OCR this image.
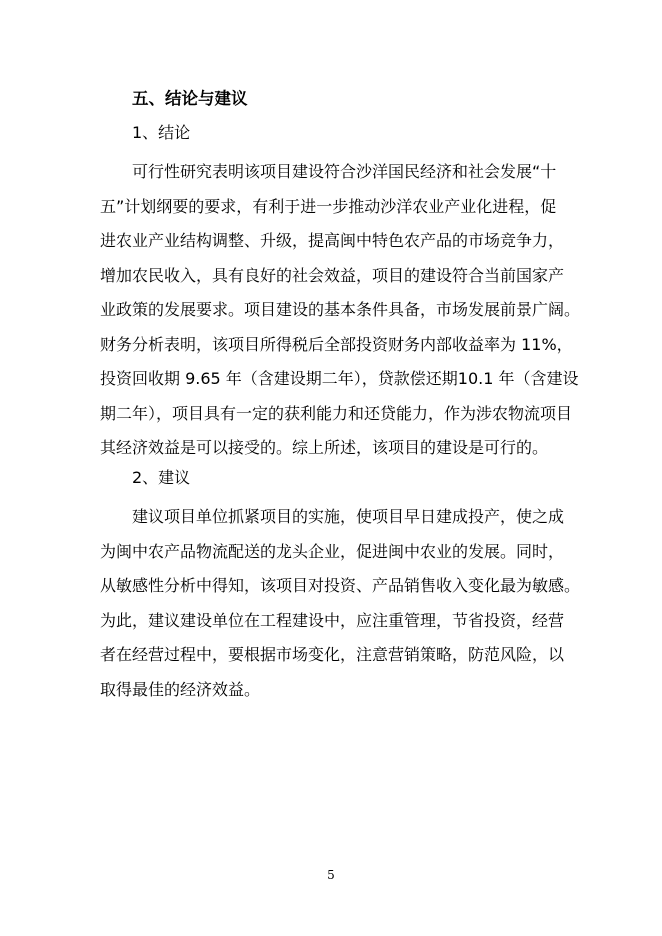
五、结论与建议
1、结论
可行性研究表明该项目建设符合沙洋国民经济和社会发展“十
五”计划纲要的要求，有利于进一步推动沙洋农业产业化进程，促
进农业产业结构调整、升级，提高闽中特色农产品的市场竞争力，
增加农民收入，具有良好的社会效益，项目的建设符合当前国家产
业政策的发展要求。项目建设的基本条件具备，市场发展前景广阔。
财务分析表明，该项目所得税后全部投资财务内部收益率为 11%，
投资回收期 9.65 年（含建设期二年），贷款偿还期10.1 年（含建设
期二年），项目具有一定的获利能力和还贷能力，作为涉农物流项目
其经济效益是可以接受的。综上所述，该项目的建设是可行的。
2、建议
建议项目单位抓紧项目的实施，使项目早日建成投产，使之成
为闽中农产品物流配送的龙头企业，促进闽中农业的发展。同时，
从敏感性分析中得知，该项目对投资、产品销售收入变化最为敏感。
为此，建议建设单位在工程建设中，应注重管理，节省投资，经营
者在经营过程中，要根据市场变化，注意营销策略，防范风险，以
取得最佳的经济效益。
5
